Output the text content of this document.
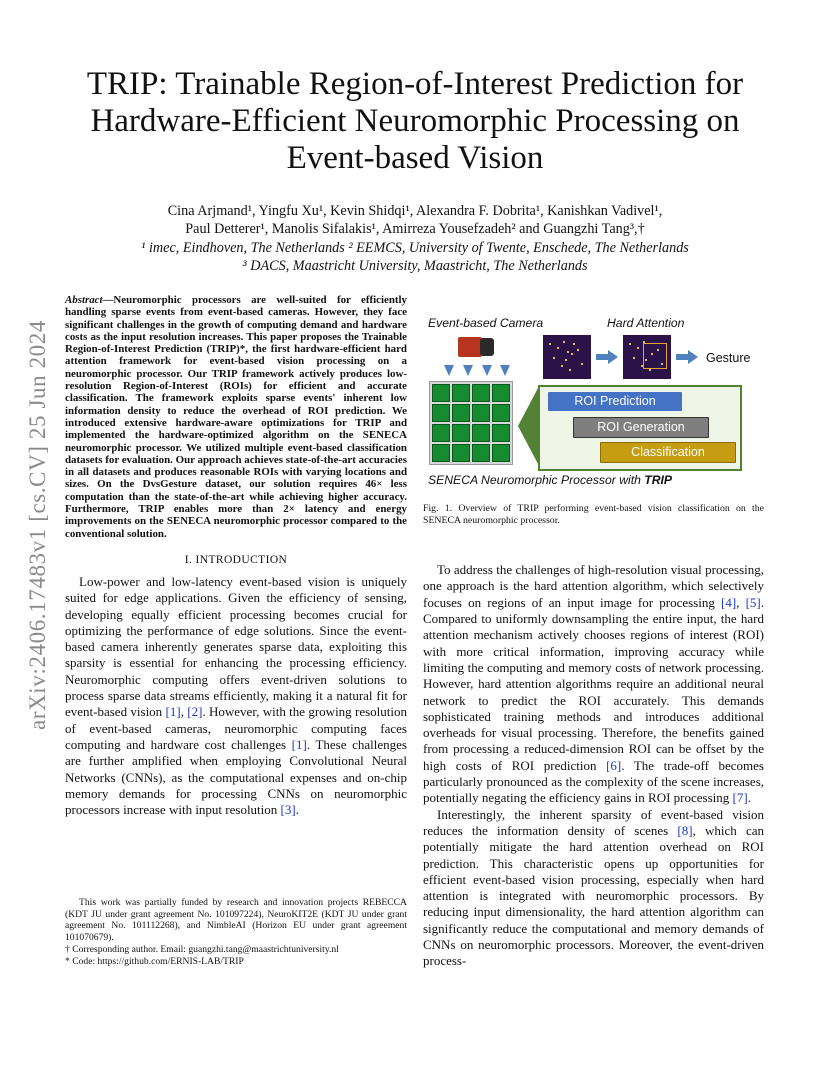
arXiv:2406.17483v1 [cs.CV] 25 Jun 2024
TRIP: Trainable Region-of-Interest Prediction for Hardware-Efficient Neuromorphic Processing on Event-based Vision

Cina Arjmand¹, Yingfu Xu¹, Kevin Shidqi¹, Alexandra F. Dobrita¹, Kanishkan Vadivel¹,

Paul Detterer¹, Manolis Sifalakis¹, Amirreza Yousefzadeh² and Guangzhi Tang³,†

¹ imec, Eindhoven, The Netherlands ² EEMCS, University of Twente, Enschede, The Netherlands

³ DACS, Maastricht University, Maastricht, The Netherlands

Abstract—Neuromorphic processors are well-suited for efficiently handling sparse events from event-based cameras. However, they face significant challenges in the growth of computing demand and hardware costs as the input resolution increases. This paper proposes the Trainable Region-of-Interest Prediction (TRIP)*, the first hardware-efficient hard attention framework for event-based vision processing on a neuromorphic processor. Our TRIP framework actively produces low-resolution Region-of-Interest (ROIs) for efficient and accurate classification. The framework exploits sparse events' inherent low information density to reduce the overhead of ROI prediction. We introduced extensive hardware-aware optimizations for TRIP and implemented the hardware-optimized algorithm on the SENECA neuromorphic processor. We utilized multiple event-based classification datasets for evaluation. Our approach achieves state-of-the-art accuracies in all datasets and produces reasonable ROIs with varying locations and sizes. On the DvsGesture dataset, our solution requires 46× less computation than the state-of-the-art while achieving higher accuracy. Furthermore, TRIP enables more than 2× latency and energy improvements on the SENECA neuromorphic processor compared to the conventional solution.

I. INTRODUCTION

Low-power and low-latency event-based vision is uniquely suited for edge applications. Given the efficiency of sensing, developing equally efficient processing becomes crucial for optimizing the performance of edge solutions. Since the event-based camera inherently generates sparse data, exploiting this sparsity is essential for enhancing the processing efficiency. Neuromorphic computing offers event-driven solutions to process sparse data streams efficiently, making it a natural fit for event-based vision [1], [2]. However, with the growing resolution of event-based cameras, neuromorphic computing faces computing and hardware cost challenges [1]. These challenges are further amplified when employing Convolutional Neural Networks (CNNs), as the computational expenses and on-chip memory demands for processing CNNs on neuromorphic processors increase with input resolution [3].

This work was partially funded by research and innovation projects REBECCA (KDT JU under grant agreement No. 101097224), NeuroKIT2E (KDT JU under grant agreement No. 101112268), and NimbleAI (Horizon EU under grant agreement 101070679).

† Corresponding author. Email: guangzhi.tang@maastrichtuniversity.nl

* Code: https://github.com/ERNIS-LAB/TRIP

Event-based Camera	Hard Attention
Gesture
ROI Prediction
ROI Generation
Classification
SENECA Neuromorphic Processor with TRIP

Fig. 1. Overview of TRIP performing event-based vision classification on the SENECA neuromorphic processor.

To address the challenges of high-resolution visual processing, one approach is the hard attention algorithm, which selectively focuses on regions of an input image for processing [4], [5]. Compared to uniformly downsampling the entire input, the hard attention mechanism actively chooses regions of interest (ROI) with more critical information, improving accuracy while limiting the computing and memory costs of network processing. However, hard attention algorithms require an additional neural network to predict the ROI accurately. This demands sophisticated training methods and introduces additional overheads for visual processing. Therefore, the benefits gained from processing a reduced-dimension ROI can be offset by the high costs of ROI prediction [6]. The trade-off becomes particularly pronounced as the complexity of the scene increases, potentially negating the efficiency gains in ROI processing [7].

Interestingly, the inherent sparsity of event-based vision reduces the information density of scenes [8], which can potentially mitigate the hard attention overhead on ROI prediction. This characteristic opens up opportunities for efficient event-based vision processing, especially when hard attention is integrated with neuromorphic processors. By reducing input dimensionality, the hard attention algorithm can significantly reduce the computational and memory demands of CNNs on neuromorphic processors. Moreover, the event-driven process-
